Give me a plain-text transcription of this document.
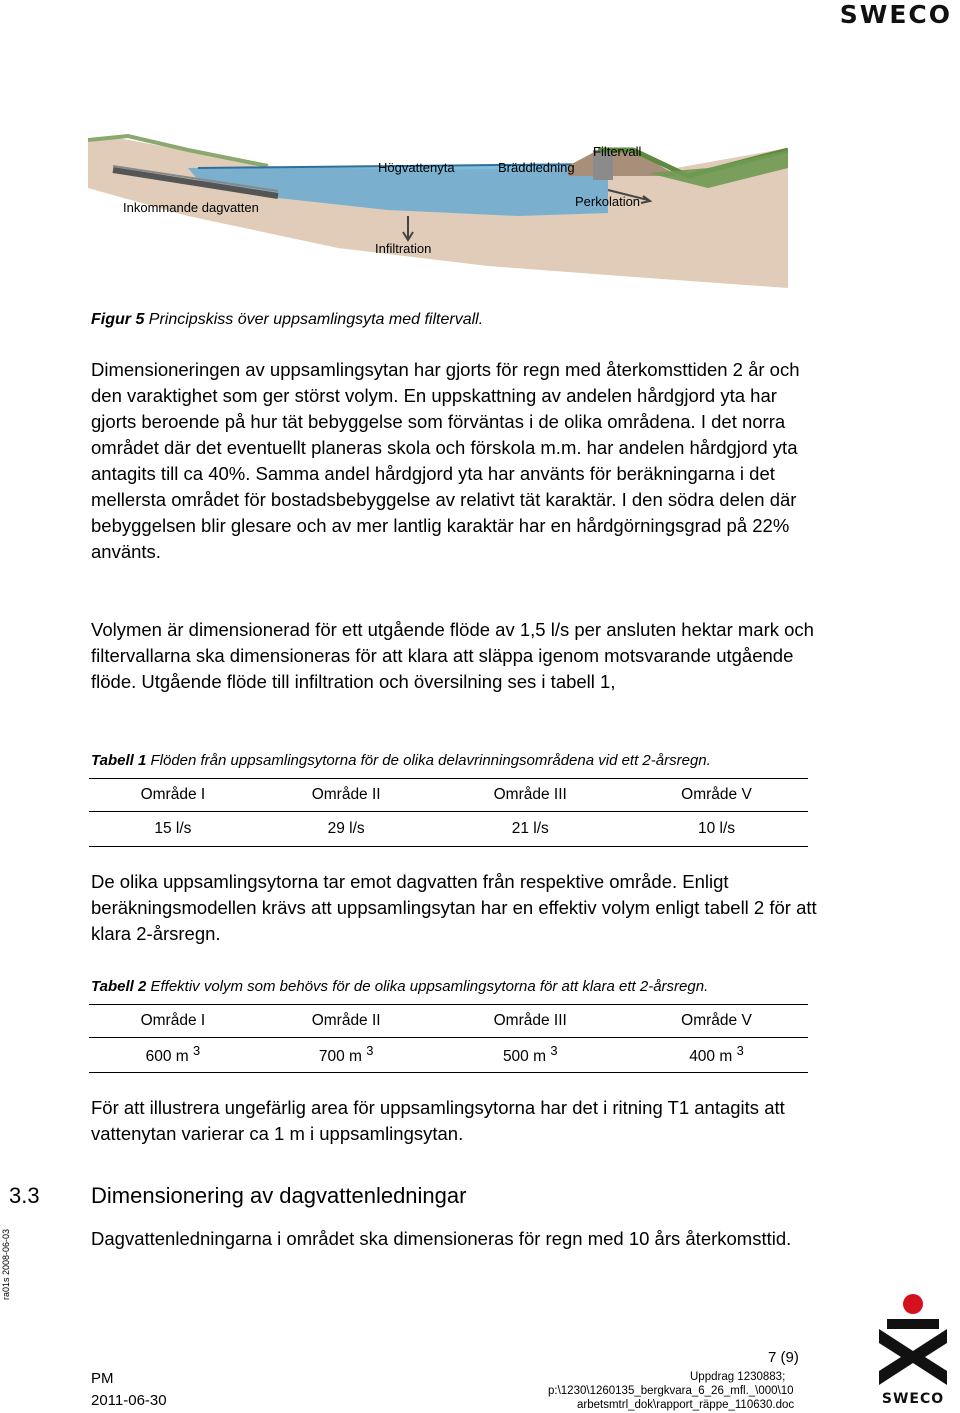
SWECO
Högvattenyta	Bräddledning
Filtervall
Inkommande dagvatten	Perkolation
Infiltration
Figur 5 Principskiss över uppsamlingsyta med filtervall.
Dimensioneringen av uppsamlingsytan har gjorts för regn med återkomsttiden 2 år och den varaktighet som ger störst volym. En uppskattning av andelen hårdgjord yta har gjorts beroende på hur tät bebyggelse som förväntas i de olika områdena. I det norra området där det eventuellt planeras skola och förskola m.m. har andelen hårdgjord yta antagits till ca 40%. Samma andel hårdgjord yta har använts för beräkningarna i det mellersta området för bostadsbebyggelse av relativt tät karaktär. I den södra delen där bebyggelsen blir glesare och av mer lantlig karaktär har en hårdgörningsgrad på 22% använts.
Volymen är dimensionerad för ett utgående flöde av 1,5 l/s per ansluten hektar mark och filtervallarna ska dimensioneras för att klara att släppa igenom motsvarande utgående flöde. Utgående flöde till infiltration och översilning ses i tabell 1,
Tabell 1 Flöden från uppsamlingsytorna för de olika delavrinningsområdena vid ett 2-årsregn.
Område I	Område II	Område III	Område V
15 l/s	29 l/s	21 l/s	10 l/s
De olika uppsamlingsytorna tar emot dagvatten från respektive område. Enligt beräkningsmodellen krävs att uppsamlingsytan har en effektiv volym enligt tabell 2 för att klara 2-årsregn.
Tabell 2 Effektiv volym som behövs för de olika uppsamlingsytorna för att klara ett 2-årsregn.
Område I	Område II	Område III	Område V
600 m $^3$	700 m $^3$	500 m $^3$	400 m $^3$
För att illustrera ungefärlig area för uppsamlingsytorna har det i ritning T1 antagits att vattenytan varierar ca 1 m i uppsamlingsytan.
3.3 Dimensionering av dagvattenledningar
Dagvattenledningarna i området ska dimensioneras för regn med 10 års återkomsttid.
ra01s 2008-06-03
7 (9)
PM
2011-06-30
Uppdrag 1230883;
p:\1230\1260135_bergkvara_6_26_mfl._\000\10
arbetsmtrl_dok\rapport_räppe_110630.doc	SWECO
